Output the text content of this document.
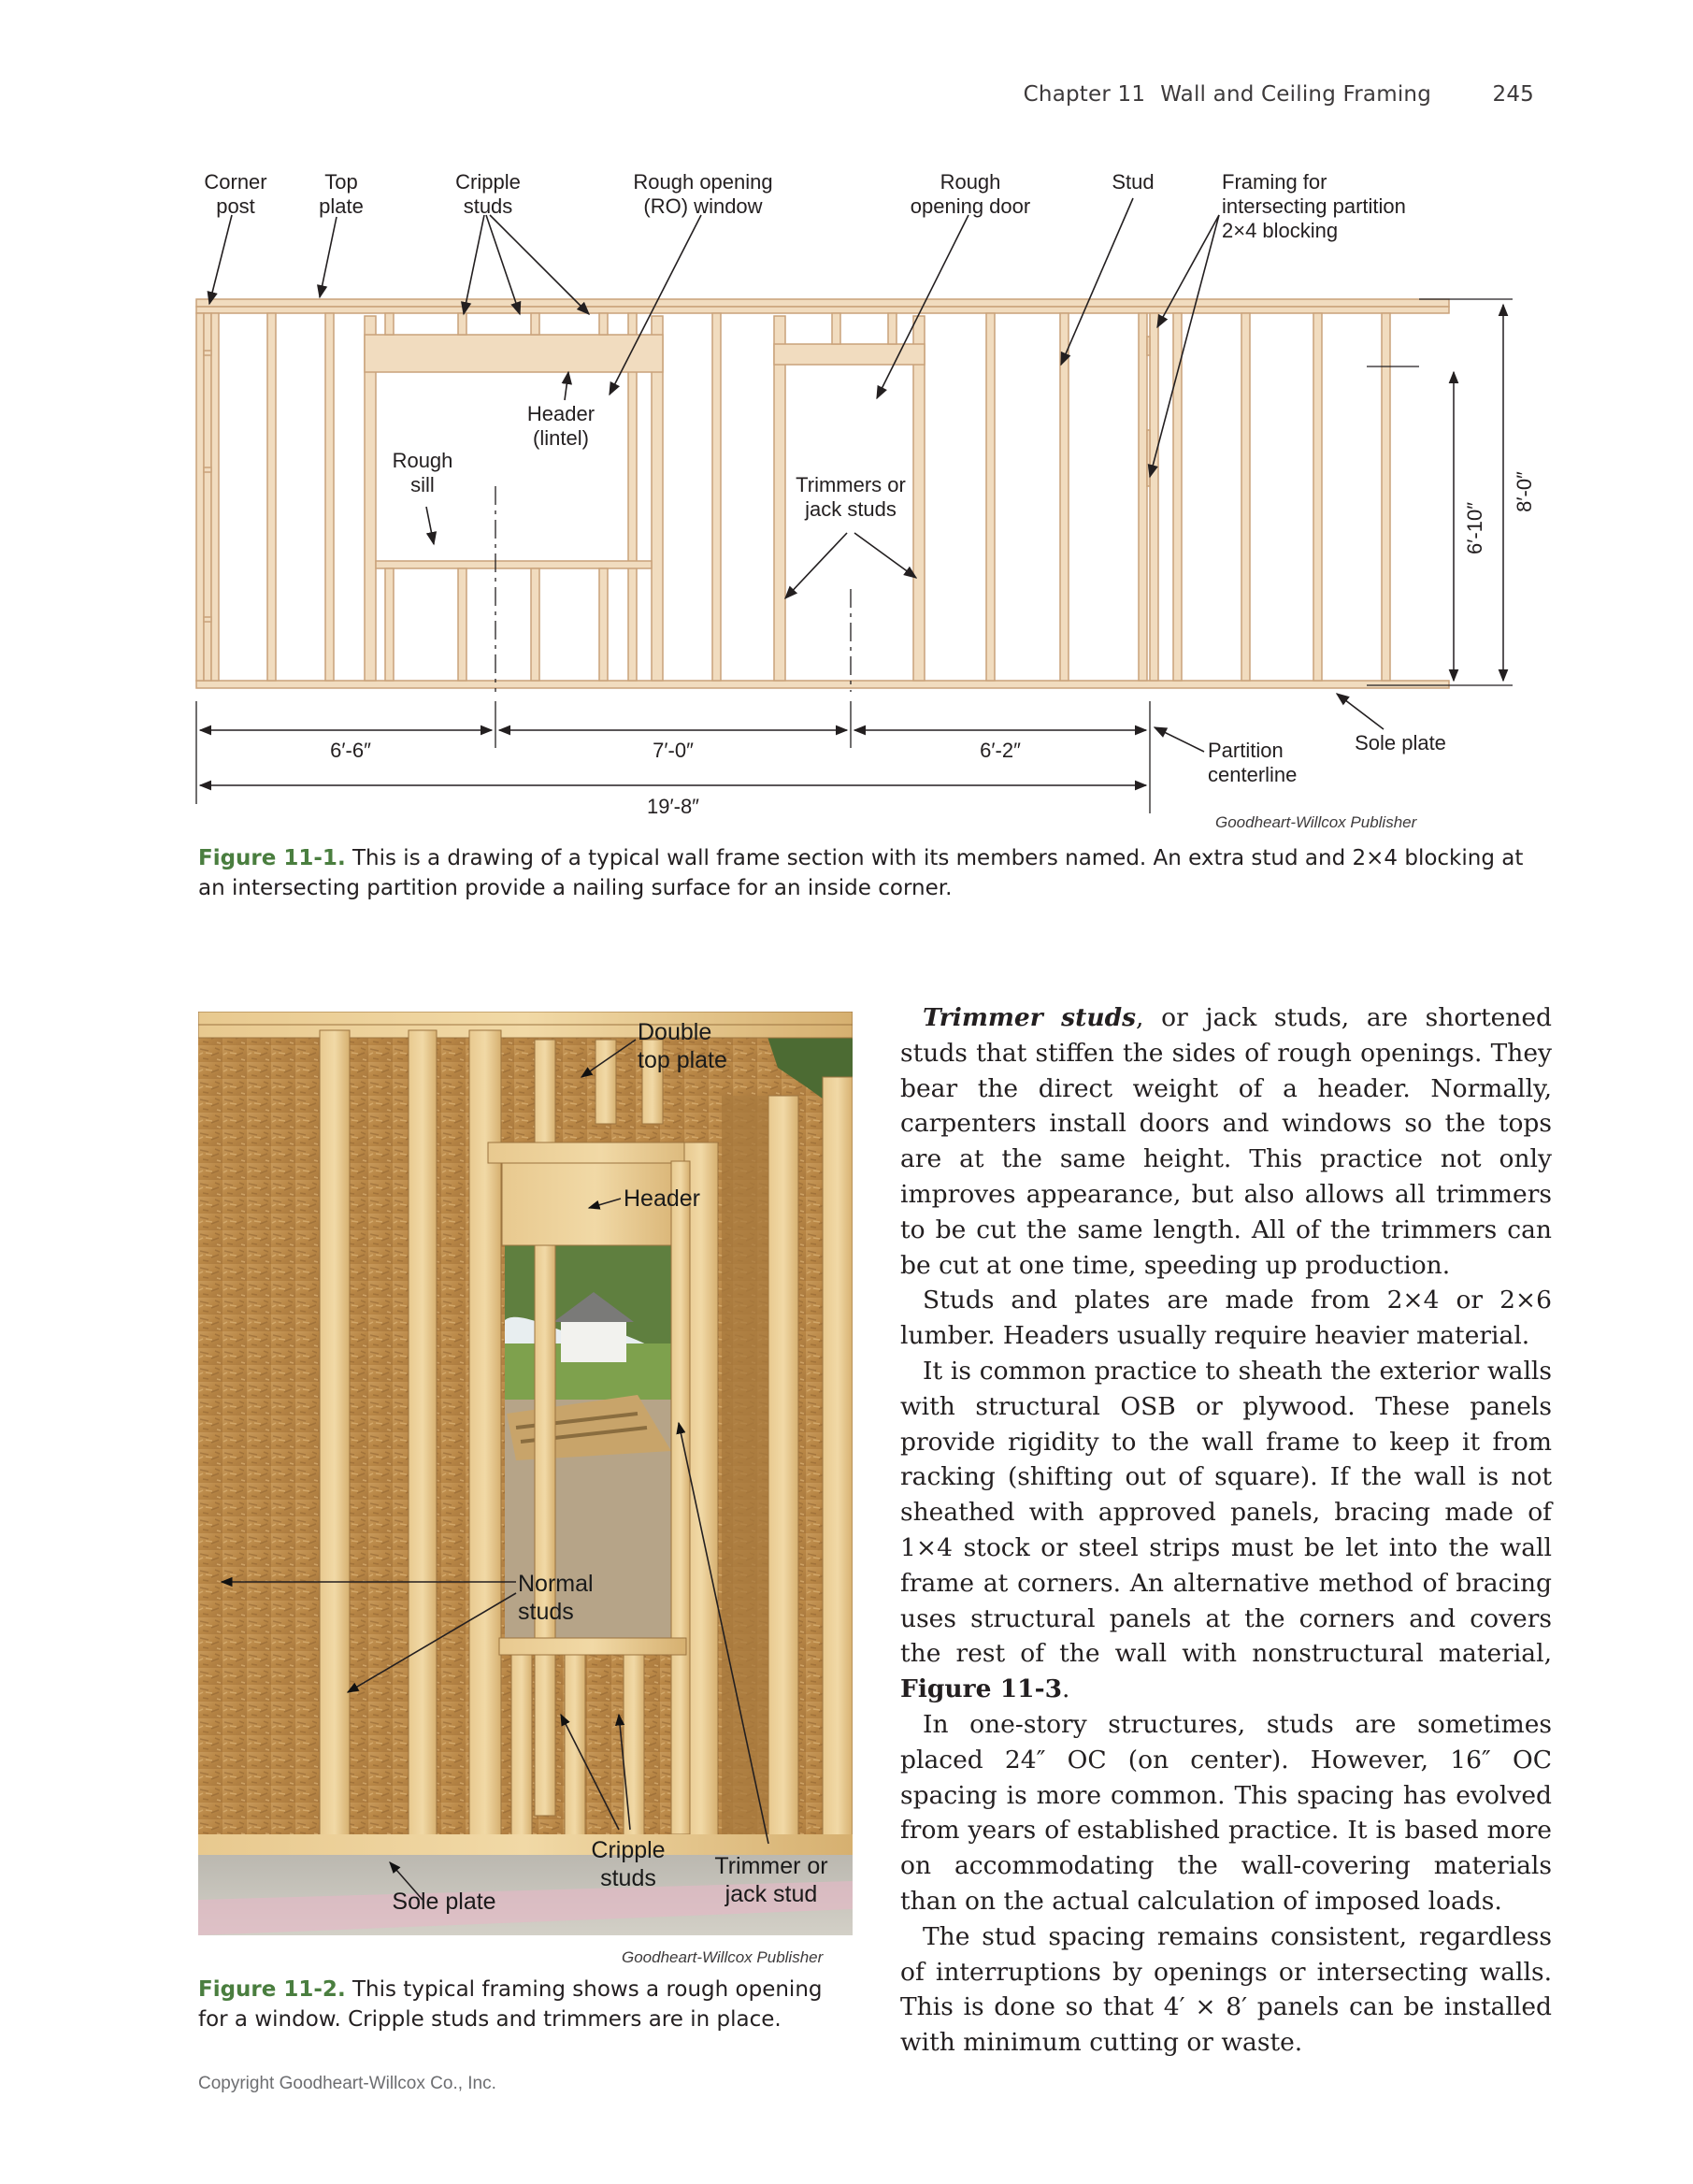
Chapter 11 Wall and Ceiling Framing	245
Corner post
Top plate
Cripple studs
Rough opening (RO) window
Rough opening door
Stud	Framing for intersecting partition 2×4 blocking
Header (lintel)
Rough sill	Trimmers or jack studs
Partition centerline
Sole plate
6′-6″	7′-0″	6′-2″
19′-8″
6′-10″
8′-0″
Goodheart-Willcox Publisher
Figure 11-1. This is a drawing of a typical wall frame section with its members named. An extra stud and 2×4 blocking at an intersecting partition provide a nailing surface for an inside corner.
Double top plate
Header
Normal studs
Cripple studs	Trimmer or jack stud
Sole plate
Goodheart-Willcox Publisher
Figure 11-2. This typical framing shows a rough opening for a window. Cripple studs and trimmers are in place.

Trimmer studs, or jack studs, are shortened studs that stiffen the sides of rough openings. They bear the direct weight of a header. Normally, carpenters install doors and windows so the tops are at the same height. This practice not only improves appearance, but also allows all trimmers to be cut the same length. All of the trimmers can be cut at one time, speeding up production.

Studs and plates are made from 2×4 or 2×6 lumber. Headers usually require heavier material.

It is common practice to sheath the exterior walls with structural OSB or plywood. These panels provide rigidity to the wall frame to keep it from racking (shifting out of square). If the wall is not sheathed with approved panels, bracing made of 1×4 stock or steel strips must be let into the wall frame at corners. An alternative method of bracing uses structural panels at the corners and covers the rest of the wall with nonstructural material, Figure 11-3.

In one-story structures, studs are sometimes placed 24″ OC (on center). However, 16″ OC spacing is more common. This spacing has evolved from years of established practice. It is based more on accommodating the wall-covering materials than on the actual calculation of imposed loads.

The stud spacing remains consistent, regardless of interruptions by openings or intersecting walls. This is done so that 4′ × 8′ panels can be installed with minimum cutting or waste.

Copyright Goodheart-Willcox Co., Inc.
